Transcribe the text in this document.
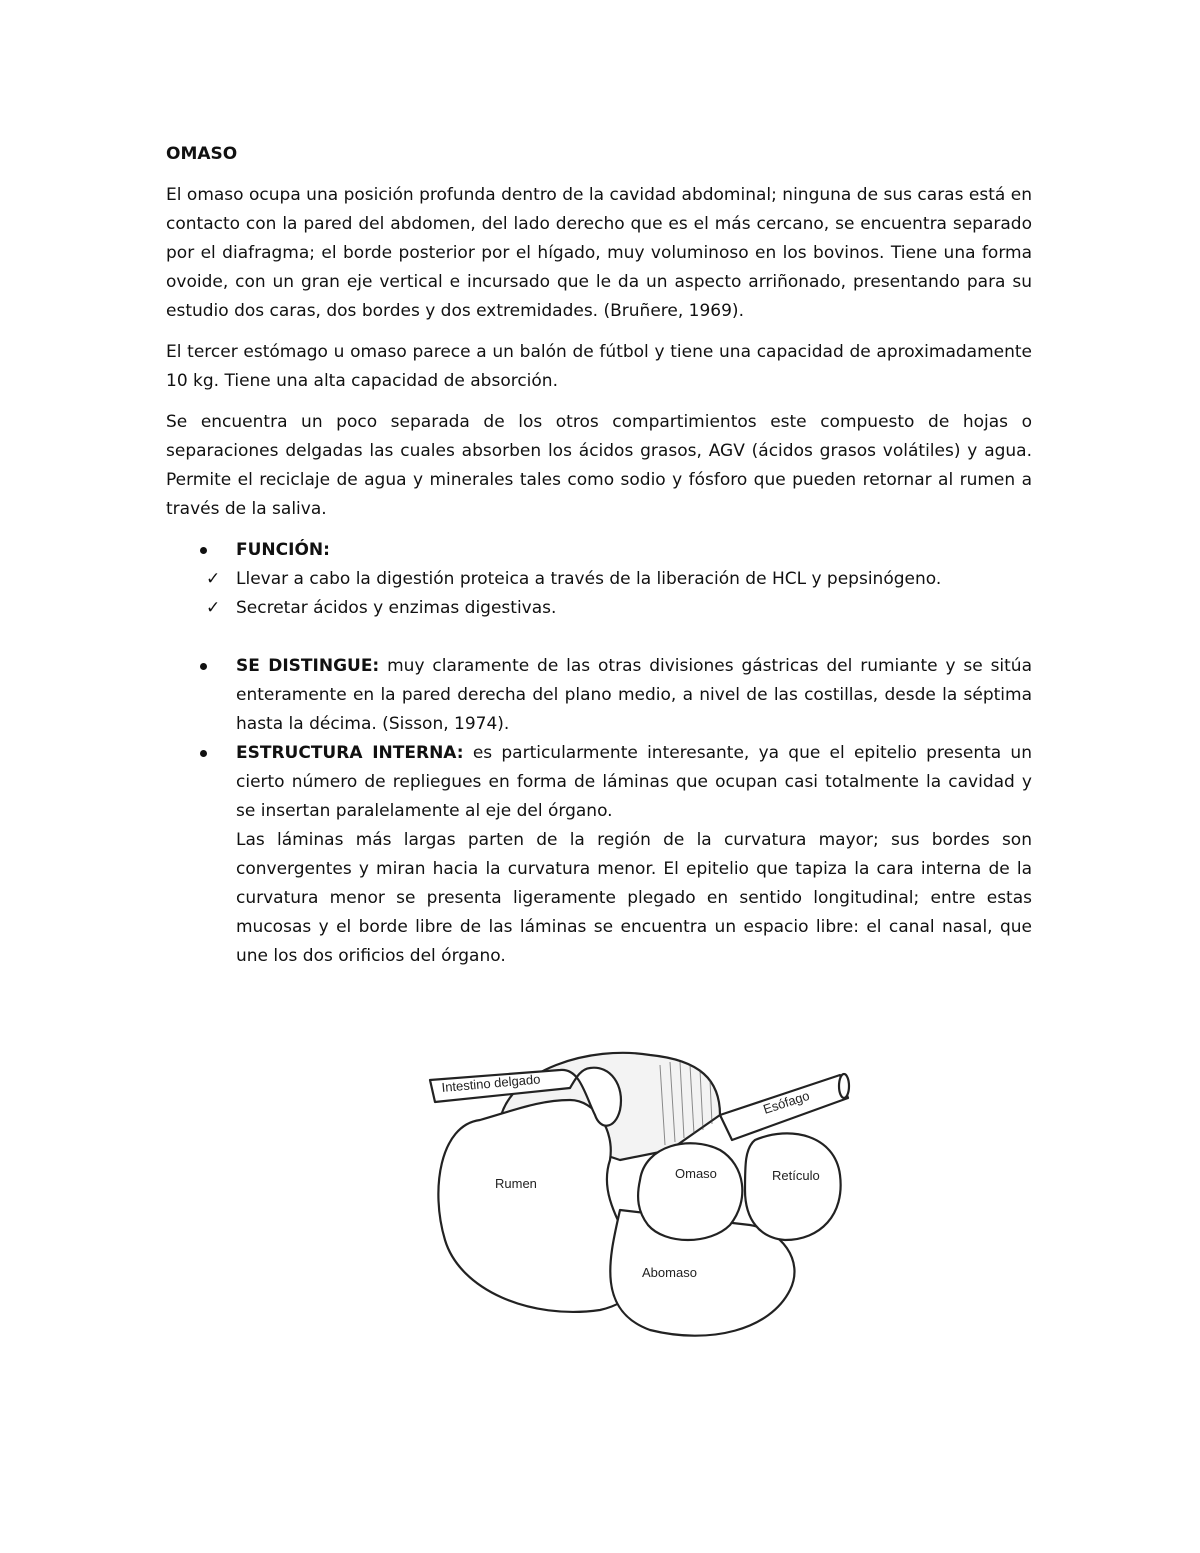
OMASO

El omaso ocupa una posición profunda dentro de la cavidad abdominal; ninguna de sus caras está en contacto con la pared del abdomen, del lado derecho que es el más cercano, se encuentra separado por el diafragma; el borde posterior por el hígado, muy voluminoso en los bovinos. Tiene una forma ovoide, con un gran eje vertical e incursado que le da un aspecto arriñonado, presentando para su estudio dos caras, dos bordes y dos extremidades. (Bruñere, 1969).

El tercer estómago u omaso parece a un balón de fútbol y tiene una capacidad de aproximadamente 10 kg. Tiene una alta capacidad de absorción.

Se encuentra un poco separada de los otros compartimientos este compuesto de hojas o separaciones delgadas las cuales absorben los ácidos grasos, AGV (ácidos grasos volátiles) y agua. Permite el reciclaje de agua y minerales tales como sodio y fósforo que pueden retornar al rumen a través de la saliva.

FUNCIÓN:
✓ Llevar a cabo la digestión proteica a través de la liberación de HCL y pepsinógeno.
✓ Secretar ácidos y enzimas digestivas.
SE DISTINGUE: muy claramente de las otras divisiones gástricas del rumiante y se sitúa enteramente en la pared derecha del plano medio, a nivel de las costillas, desde la séptima hasta la décima. (Sisson, 1974).
ESTRUCTURA INTERNA: es particularmente interesante, ya que el epitelio presenta un cierto número de repliegues en forma de láminas que ocupan casi totalmente la cavidad y se insertan paralelamente al eje del órgano.

Las láminas más largas parten de la región de la curvatura mayor; sus bordes son convergentes y miran hacia la curvatura menor. El epitelio que tapiza la cara interna de la curvatura menor se presenta ligeramente plegado en sentido longitudinal; entre estas mucosas y el borde libre de las láminas se encuentra un espacio libre: el canal nasal, que une los dos orificios del órgano.

Intestino delgado
Esófago
Rumen
Omaso	Retículo
Abomaso
